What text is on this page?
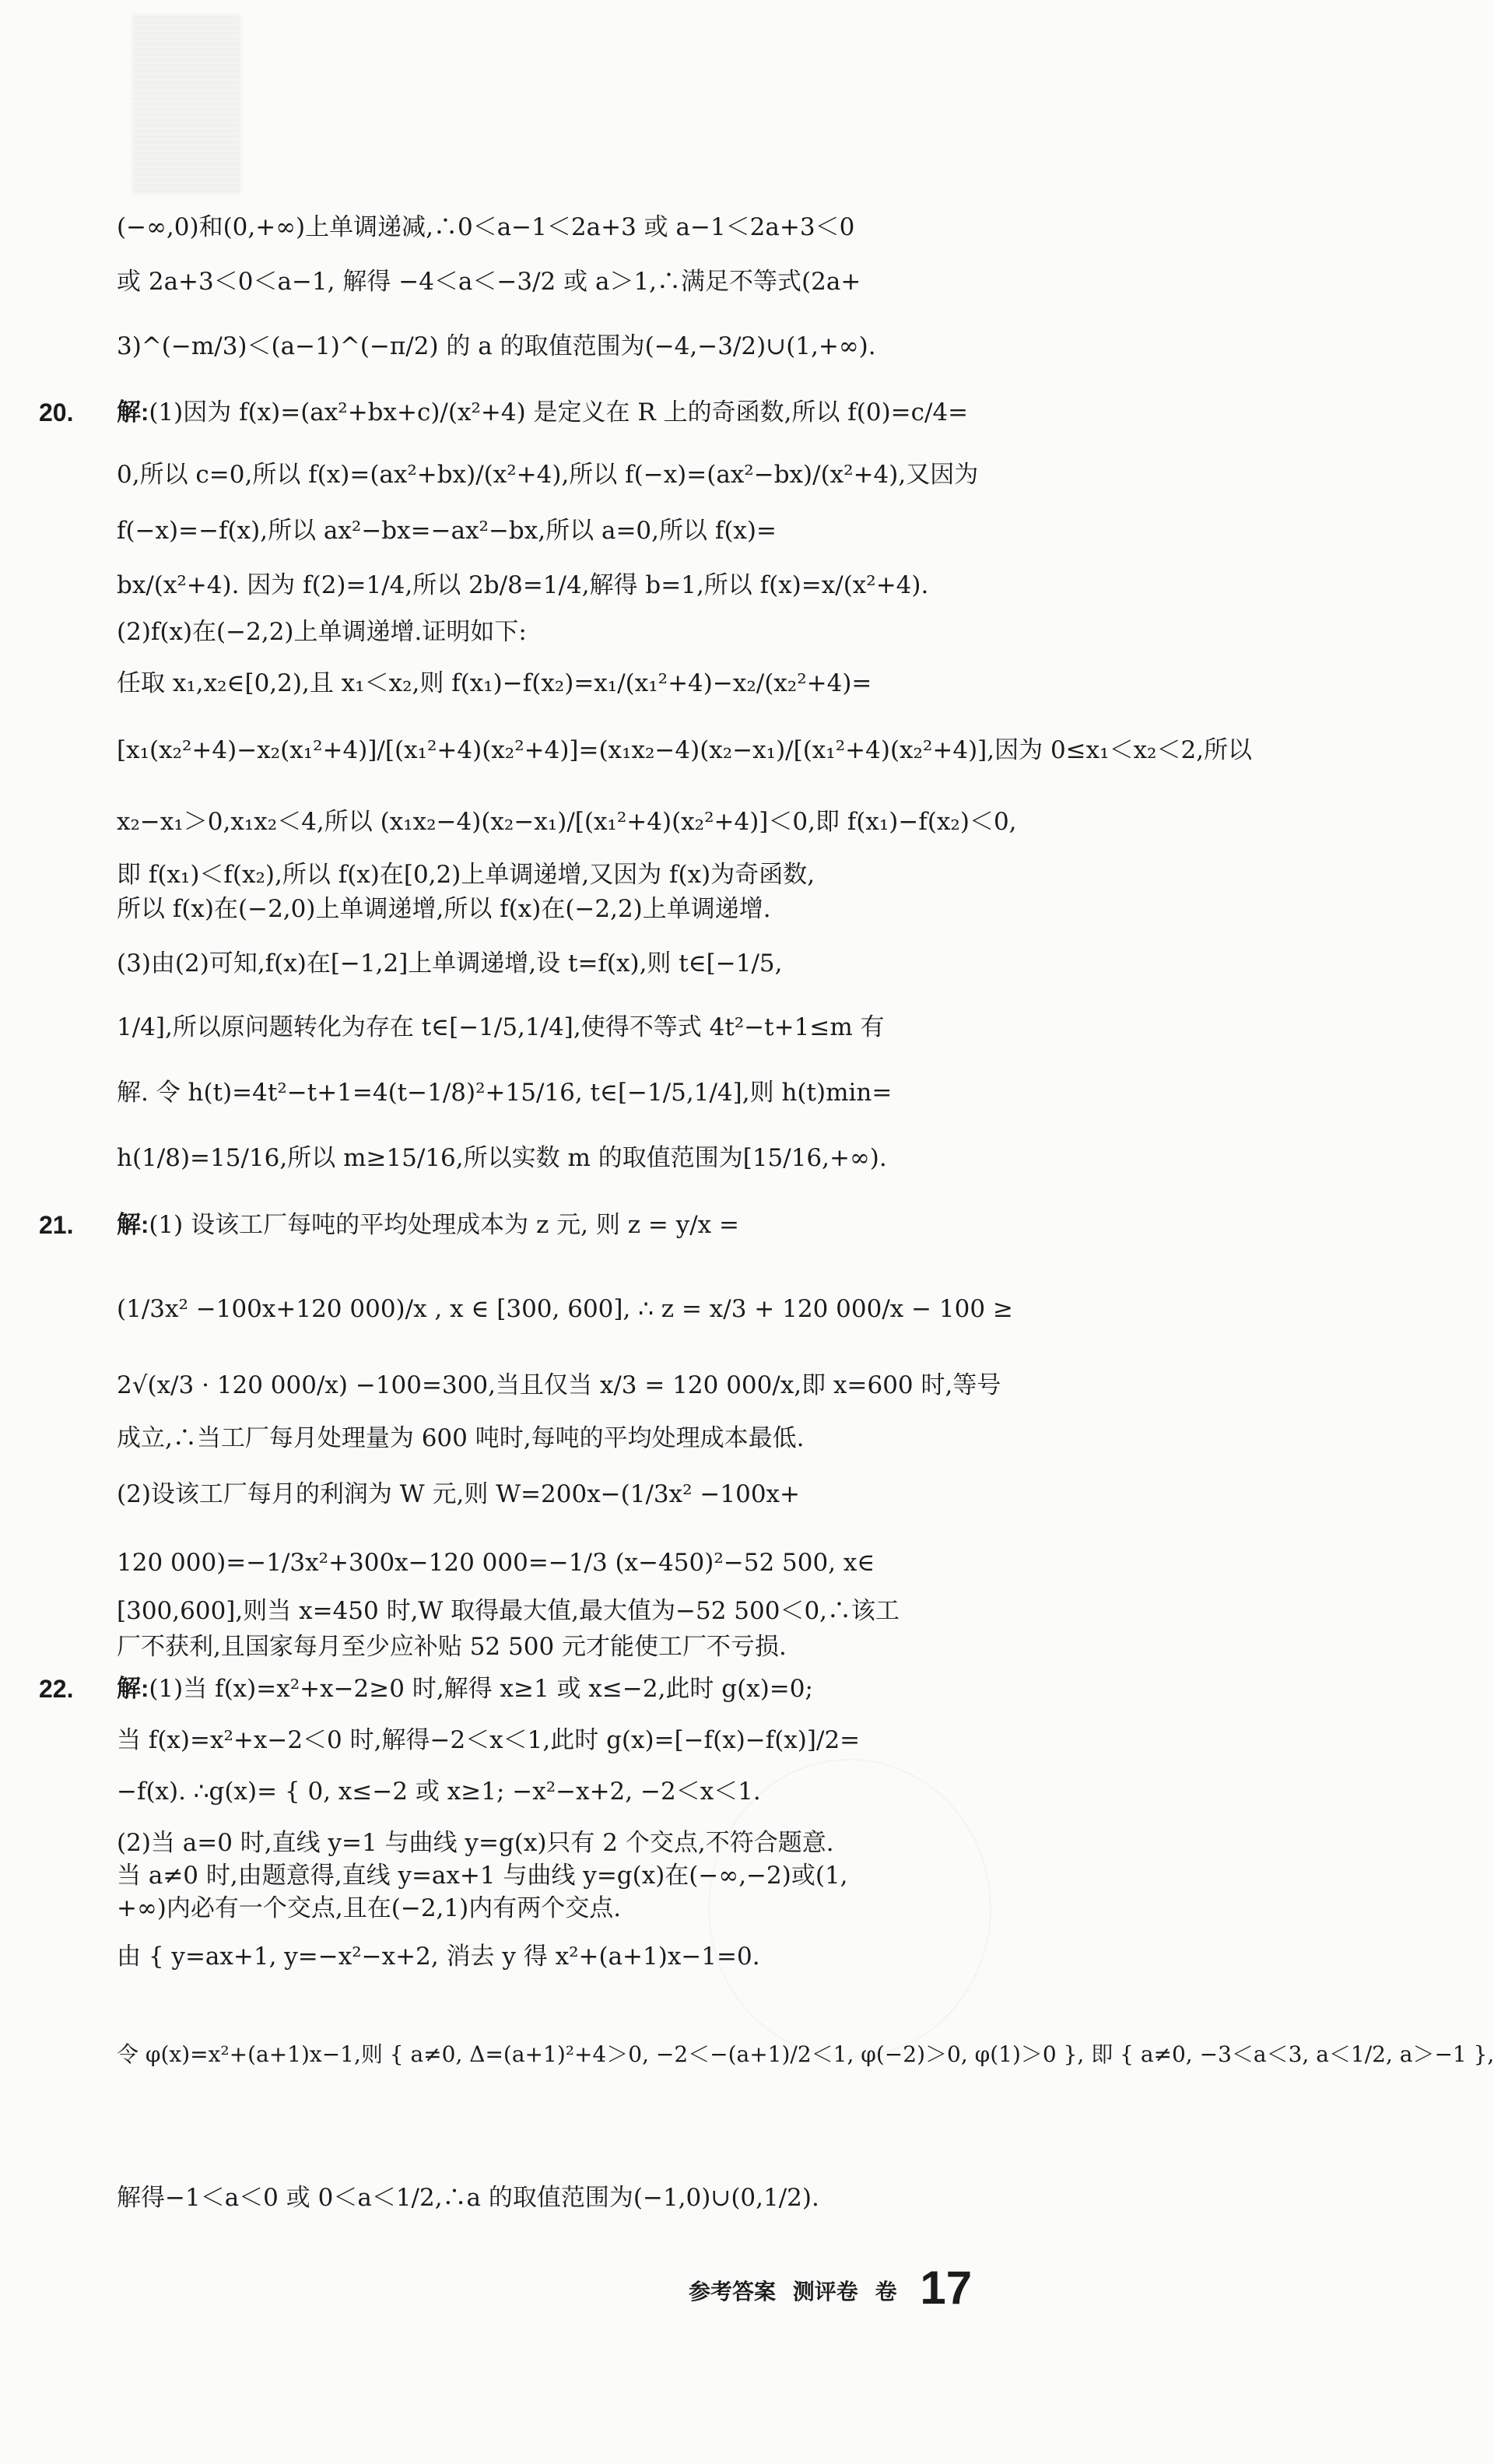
(−∞,0)和(0,+∞)上单调递减,∴0＜a−1＜2a+3 或 a−1＜2a+3＜0
或 2a+3＜0＜a−1, 解得 −4＜a＜−3/2 或 a＞1,∴满足不等式(2a+
3)^(−m/3)＜(a−1)^(−π/2) 的 a 的取值范围为(−4,−3/2)∪(1,+∞).
20. 解:(1)因为 f(x)=(ax²+bx+c)/(x²+4) 是定义在 R 上的奇函数,所以 f(0)=c/4=
0,所以 c=0,所以 f(x)=(ax²+bx)/(x²+4),所以 f(−x)=(ax²−bx)/(x²+4),又因为
f(−x)=−f(x),所以 ax²−bx=−ax²−bx,所以 a=0,所以 f(x)=
bx/(x²+4). 因为 f(2)=1/4,所以 2b/8=1/4,解得 b=1,所以 f(x)=x/(x²+4).
(2)f(x)在(−2,2)上单调递增.证明如下:
任取 x₁,x₂∈[0,2),且 x₁＜x₂,则 f(x₁)−f(x₂)=x₁/(x₁²+4)−x₂/(x₂²+4)=
[x₁(x₂²+4)−x₂(x₁²+4)]/[(x₁²+4)(x₂²+4)]=(x₁x₂−4)(x₂−x₁)/[(x₁²+4)(x₂²+4)],因为 0≤x₁＜x₂＜2,所以
x₂−x₁＞0,x₁x₂＜4,所以 (x₁x₂−4)(x₂−x₁)/[(x₁²+4)(x₂²+4)]＜0,即 f(x₁)−f(x₂)＜0,
即 f(x₁)＜f(x₂),所以 f(x)在[0,2)上单调递增,又因为 f(x)为奇函数,
所以 f(x)在(−2,0)上单调递增,所以 f(x)在(−2,2)上单调递增.
(3)由(2)可知,f(x)在[−1,2]上单调递增,设 t=f(x),则 t∈[−1/5,
1/4],所以原问题转化为存在 t∈[−1/5,1/4],使得不等式 4t²−t+1≤m 有
解. 令 h(t)=4t²−t+1=4(t−1/8)²+15/16, t∈[−1/5,1/4],则 h(t)min=
h(1/8)=15/16,所以 m≥15/16,所以实数 m 的取值范围为[15/16,+∞).
21. 解:(1) 设该工厂每吨的平均处理成本为 z 元, 则 z = y/x =
(1/3x² −100x+120 000)/x , x ∈ [300, 600], ∴ z = x/3 + 120 000/x − 100 ≥
2√(x/3 · 120 000/x) −100=300,当且仅当 x/3 = 120 000/x,即 x=600 时,等号
成立,∴当工厂每月处理量为 600 吨时,每吨的平均处理成本最低.
(2)设该工厂每月的利润为 W 元,则 W=200x−(1/3x² −100x+
120 000)=−1/3x²+300x−120 000=−1/3 (x−450)²−52 500, x∈
[300,600],则当 x=450 时,W 取得最大值,最大值为−52 500＜0,∴该工
厂不获利,且国家每月至少应补贴 52 500 元才能使工厂不亏损.
22. 解:(1)当 f(x)=x²+x−2≥0 时,解得 x≥1 或 x≤−2,此时 g(x)=0;
当 f(x)=x²+x−2＜0 时,解得−2＜x＜1,此时 g(x)=[−f(x)−f(x)]/2=
−f(x). ∴g(x)= { 0, x≤−2 或 x≥1; −x²−x+2, −2＜x＜1.
(2)当 a=0 时,直线 y=1 与曲线 y=g(x)只有 2 个交点,不符合题意.
当 a≠0 时,由题意得,直线 y=ax+1 与曲线 y=g(x)在(−∞,−2)或(1,
+∞)内必有一个交点,且在(−2,1)内有两个交点.
由 { y=ax+1, y=−x²−x+2, 消去 y 得 x²+(a+1)x−1=0.
令 φ(x)=x²+(a+1)x−1,则 { a≠0, Δ=(a+1)²+4＞0, −2＜−(a+1)/2＜1, φ(−2)＞0, φ(1)＞0 }, 即 { a≠0, −3＜a＜3, a＜1/2, a＞−1 },
解得−1＜a＜0 或 0＜a＜1/2,∴a 的取值范围为(−1,0)∪(0,1/2).
参考答案 测评卷 卷 17
